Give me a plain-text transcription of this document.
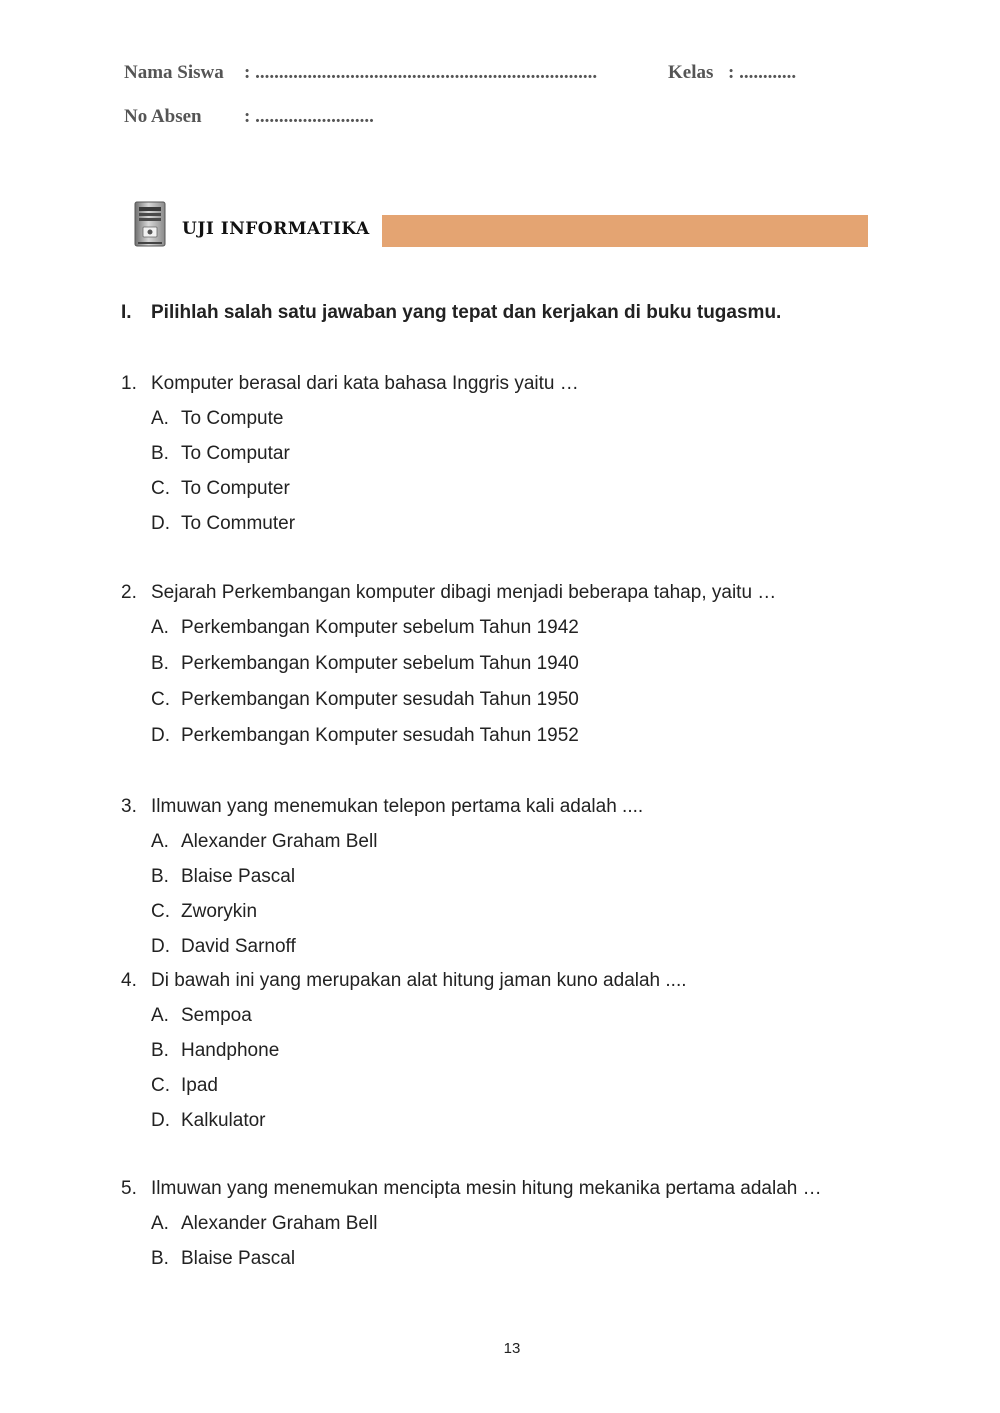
Nama Siswa : ........................................................................	Kelas : ............
No Absen : .........................
UJI INFORMATIKA
I. Pilihlah salah satu jawaban yang tepat dan kerjakan di buku tugasmu.
1. Komputer berasal dari kata bahasa Inggris yaitu …
A. To Compute
B. To Computar
C. To Computer
D. To Commuter
2. Sejarah Perkembangan komputer dibagi menjadi beberapa tahap, yaitu …
A. Perkembangan Komputer sebelum Tahun 1942
B. Perkembangan Komputer sebelum Tahun 1940
C. Perkembangan Komputer sesudah Tahun 1950
D. Perkembangan Komputer sesudah Tahun 1952
3. Ilmuwan yang menemukan telepon pertama kali adalah ....
A. Alexander Graham Bell
B. Blaise Pascal
C. Zworykin
D. David Sarnoff
4. Di bawah ini yang merupakan alat hitung jaman kuno adalah ....
A. Sempoa
B. Handphone
C. Ipad
D. Kalkulator
5. Ilmuwan yang menemukan mencipta mesin hitung mekanika pertama adalah …
A. Alexander Graham Bell
B. Blaise Pascal
13
